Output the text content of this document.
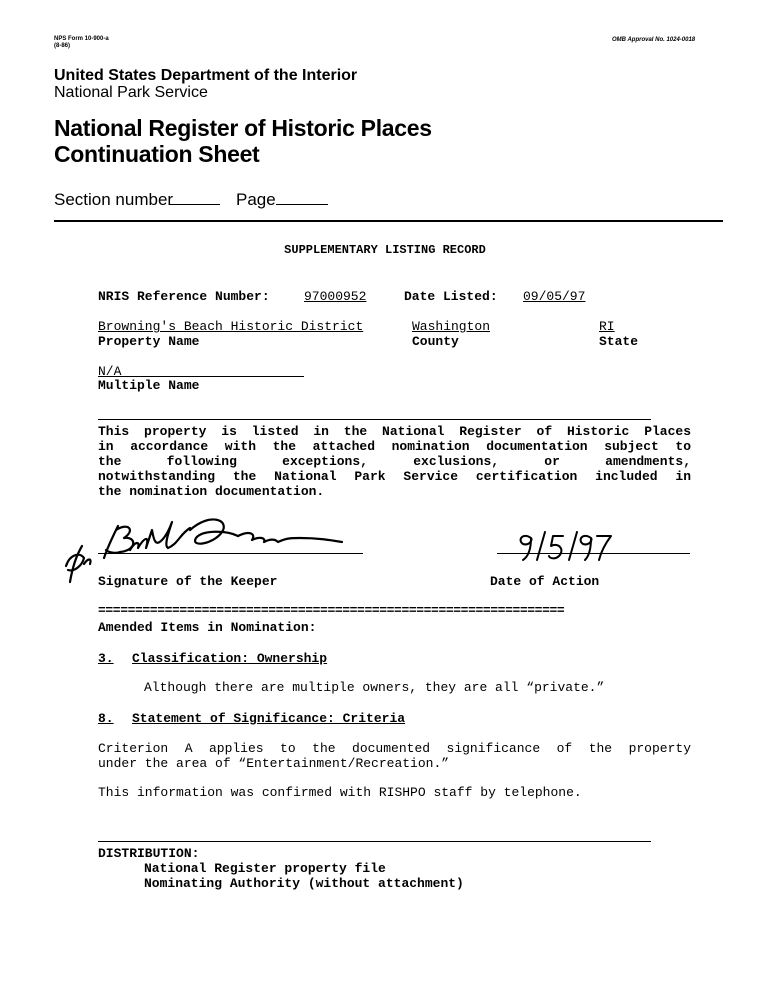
NPS Form 10-900-a
(8-86)
OMB Approval No. 1024-0018
United States Department of the Interior
National Park Service
National Register of Historic Places
Continuation Sheet
Section number	Page
SUPPLEMENTARY LISTING RECORD
NRIS Reference Number:	97000952	Date Listed: 09/05/97
Browning's Beach Historic District	Washington	RI
Property Name	County	State
N/A
Multiple Name
This property is listed in the National Register of Historic Places
in accordance with the attached nomination documentation subject to
the following exceptions, exclusions, or amendments,
notwithstanding the National Park Service certification included in
the nomination documentation.
Signature of the Keeper	Date of Action
===============================================================
Amended Items in Nomination:
3. Classification: Ownership
Although there are multiple owners, they are all “private.”
8. Statement of Significance: Criteria
Criterion A applies to the documented significance of the property
under the area of “Entertainment/Recreation.”
This information was confirmed with RISHPO staff by telephone.
DISTRIBUTION:
National Register property file
Nominating Authority (without attachment)
